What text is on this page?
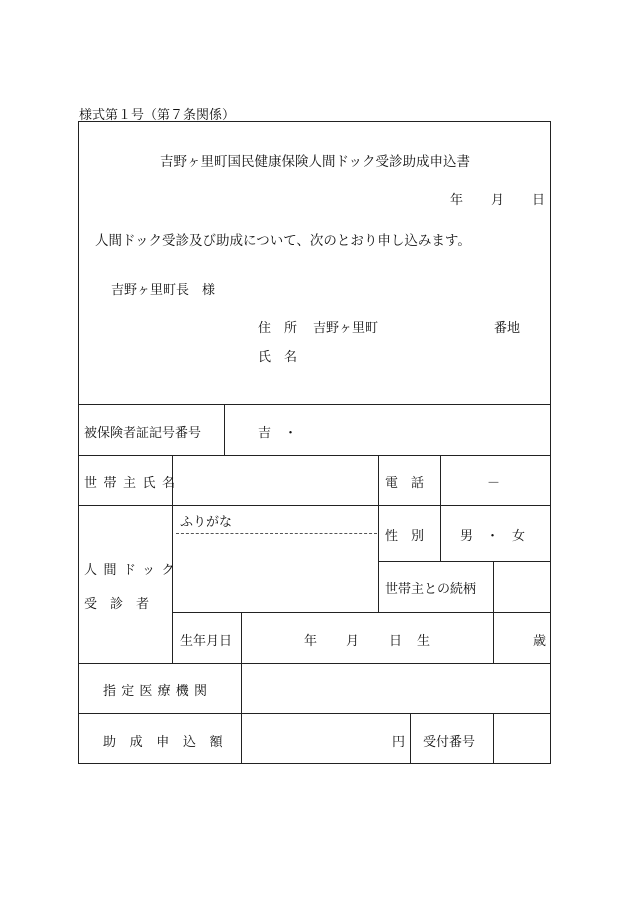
様式第１号（第７条関係）
吉野ヶ里町国民健康保険人間ドック受診助成申込書
年 月 日
人間ドック受診及び助成について、次のとおり申し込みます。
吉野ヶ里町長　様
住　所 吉野ヶ里町	番地
氏　名
被保険者証記号番号	吉　・
世帯主氏名	電　話	－
ふりがな
性　別	男　・　女
人間ドック
受　診　者
世帯主との続柄
生年月日	年 月 日 生	歳
指定医療機関
助成申込額	円 受付番号
